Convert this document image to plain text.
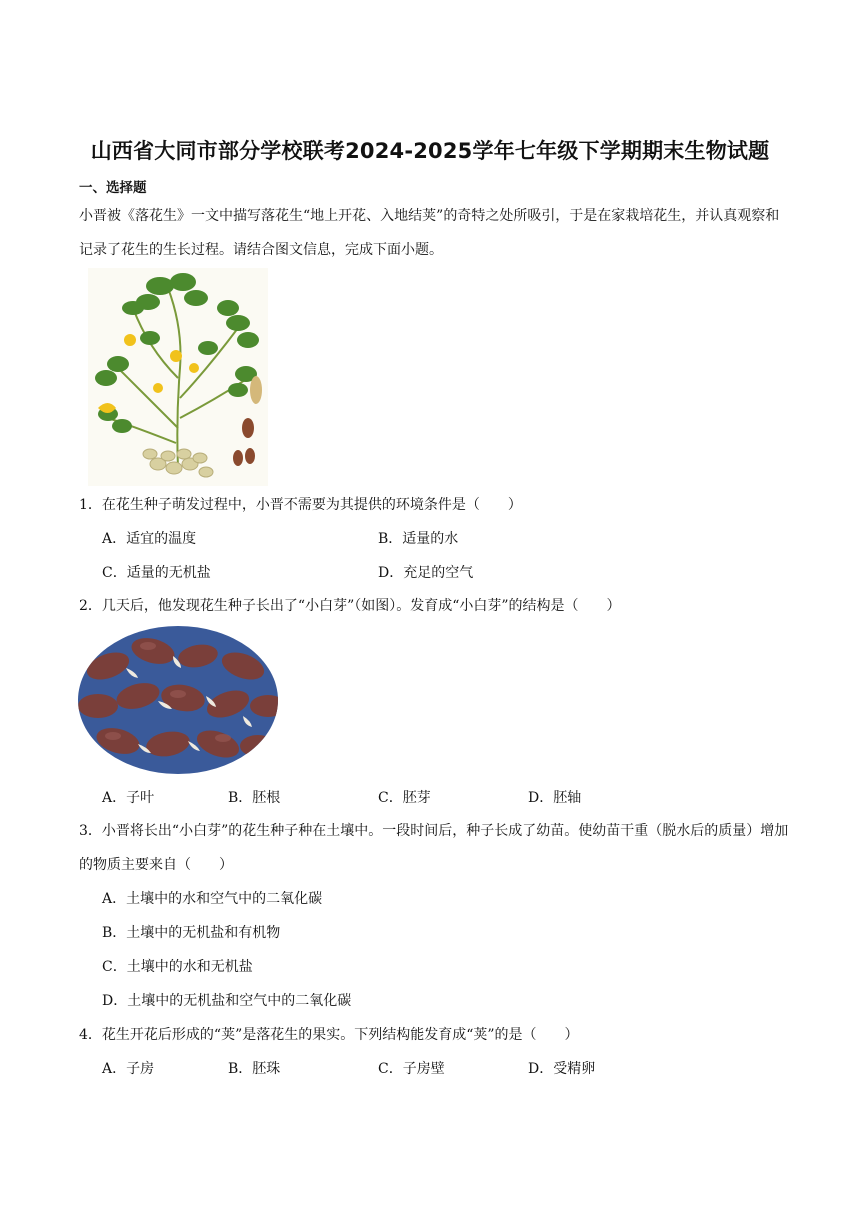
山西省大同市部分学校联考2024-2025学年七年级下学期期末生物试题
一、选择题
小晋被《落花生》一文中描写落花生“地上开花、入地结荚”的奇特之处所吸引，于是在家栽培花生，并认真观察和记录了花生的生长过程。请结合图文信息，完成下面小题。
1．在花生种子萌发过程中，小晋不需要为其提供的环境条件是（　　）
A．适宜的温度	B．适量的水
C．适量的无机盐	D．充足的空气
2．几天后，他发现花生种子长出了“小白芽”（如图）。发育成“小白芽”的结构是（　　）
A．子叶	B．胚根	C．胚芽	D．胚轴
3．小晋将长出“小白芽”的花生种子种在土壤中。一段时间后，种子长成了幼苗。使幼苗干重（脱水后的质量）增加的物质主要来自（　　）
A．土壤中的水和空气中的二氧化碳
B．土壤中的无机盐和有机物
C．土壤中的水和无机盐
D．土壤中的无机盐和空气中的二氧化碳
4．花生开花后形成的“荚”是落花生的果实。下列结构能发育成“荚”的是（　　）
A．子房	B．胚珠	C．子房壁	D．受精卵
